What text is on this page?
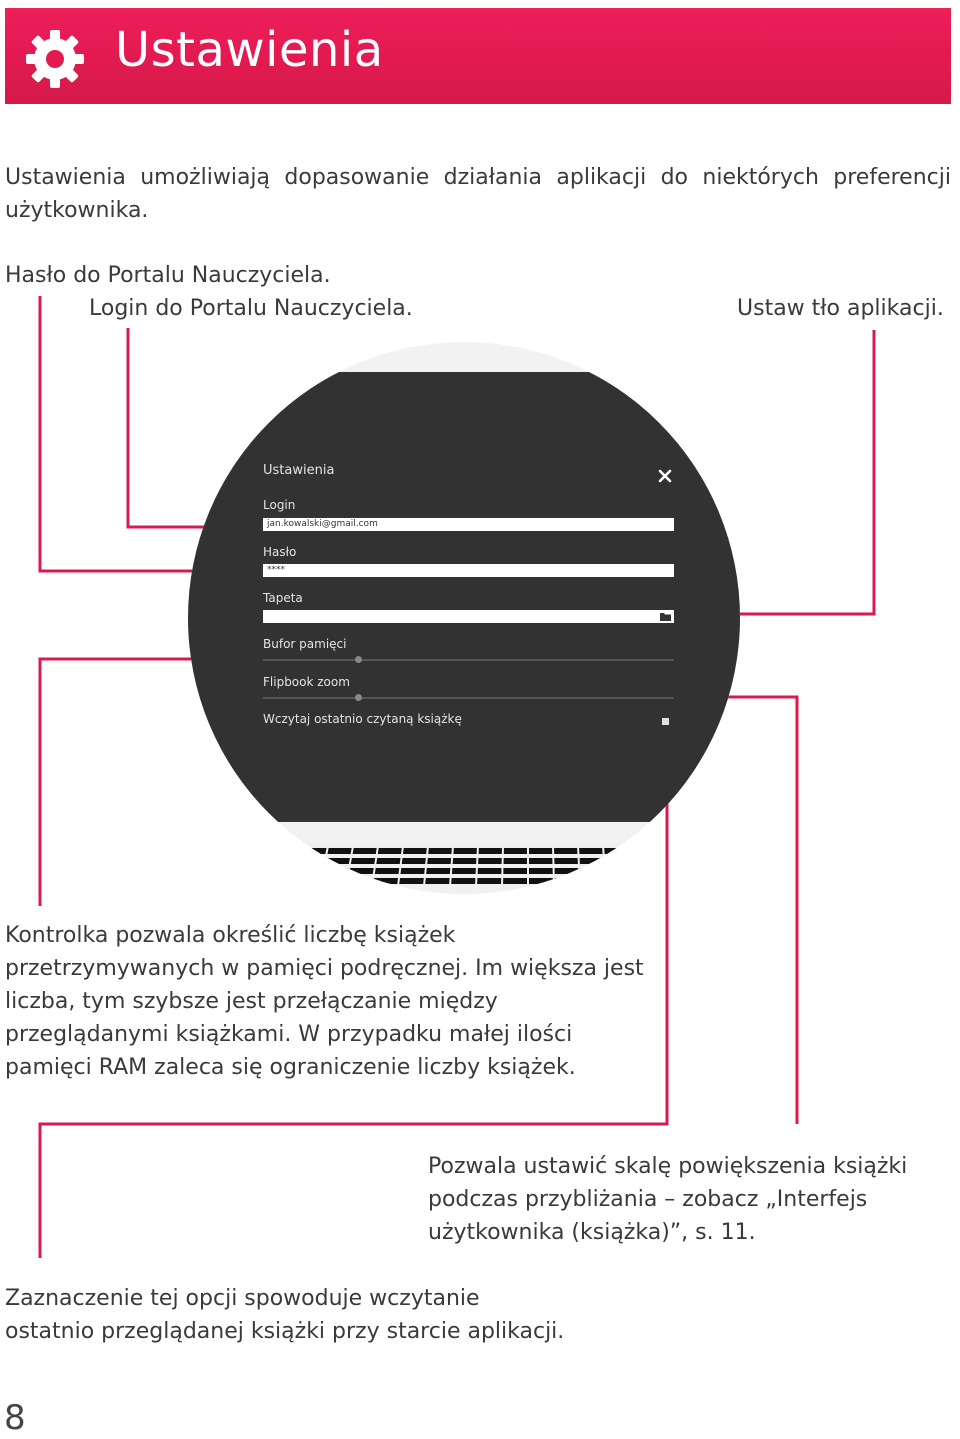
Ustawienia

Ustawienia umożliwiają dopasowanie działania aplikacji do niektórych preferencji użytkownika.

Hasło do Portalu Nauczyciela.

Login do Portalu Nauczyciela.	Ustaw tło aplikacji.

Ustawienia
Login
jan.kowalski@gmail.com
Hasło
****
Tapeta
Bufor pamięci
Flipbook zoom
Wczytaj ostatnio czytaną książkę

Kontrolka pozwala określić liczbę książek przetrzymywanych w pamięci podręcznej. Im większa jest liczba, tym szybsze jest przełączanie między przeglądanymi książkami. W przypadku małej ilości pamięci RAM zaleca się ograniczenie liczby książek.

Pozwala ustawić skalę powiększenia książki podczas przybliżania – zobacz „Interfejs użytkownika (książka)”, s. 11.

Zaznaczenie tej opcji spowoduje wczytanie ostatnio przeglądanej książki przy starcie aplikacji.

8
